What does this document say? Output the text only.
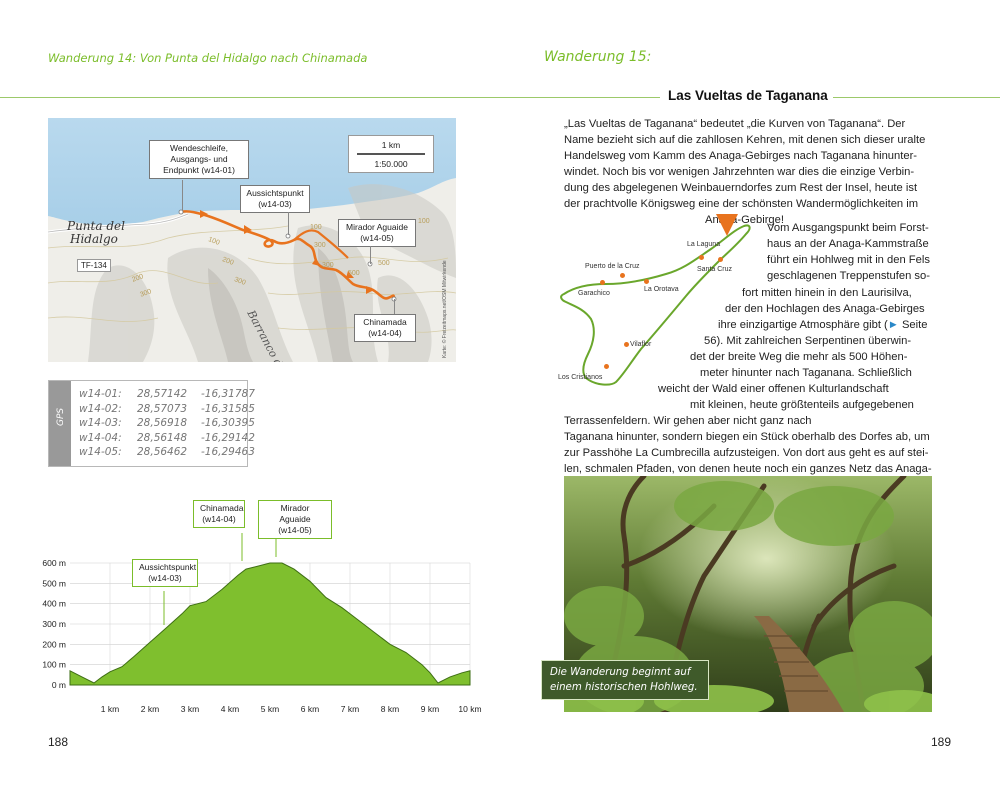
Wanderung 14: Von Punta del Hidalgo nach Chinamada
1 km
1:50.000
Punta del
Hidalgo
TF-134
Barranco	Karte: © Freizeitmaps.net/OSM Mitwirkende
100
200
300
200
300
100
300
300
500
500
100
Wendeschleife,
Ausgangs- und
Endpunkt (w14-01)
Aussichtspunkt
(w14-03)
Mirador Aguaide
(w14-05)
Chinamada
(w14-04)
GPS
w14-01:	28,57142	-16,31787
w14-02:	28,57073	-16,31585
w14-03:	28,56918	-16,30395
w14-04:	28,56148	-16,29142
w14-05:	28,56462	-16,29463
0 m
100 m
200 m
300 m
400 m
500 m
600 m
1 km	2 km	3 km	4 km	5 km	6 km	7 km	8 km	9 km 10 km
Chinamada
(w14-04)
Mirador Aguaide
(w14-05)
Aussichtspunkt
(w14-03)
188
Wanderung 15:
Las Vueltas de Taganana
„Las Vueltas de Taganana“ bedeutet „die Kurven von Taganana“. Der
Name bezieht sich auf die zahllosen Kehren, mit denen sich dieser uralte
Handelsweg vom Kamm des Anaga-Gebirges nach Taganana hinunter-
windet. Noch bis vor wenigen Jahrzehnten war dies die einzige Verbin-
dung des abgelegenen Weinbauerndorfes zum Rest der Insel, heute ist
der prachtvolle Königsweg eine der schönsten Wandermöglichkeiten im
Anaga-Gebirge!
Vom Ausgangspunkt beim Forst-
haus an der Anaga-Kammstraße
führt ein Hohlweg mit in den Fels
geschlagenen Treppenstufen so-
fort mitten hinein in den Laurisilva,
der den Hochlagen des Anaga-Gebirges
ihre einzigartige Atmosphäre gibt (► Seite
56). Mit zahlreichen Serpentinen überwin-
det der breite Weg die mehr als 500 Höhen-
meter hinunter nach Taganana. Schließlich
weicht der Wald einer offenen Kulturlandschaft
mit kleinen, heute größtenteils aufgegebenen
Terrassenfeldern. Wir gehen aber nicht ganz nach
Taganana hinunter, sondern biegen ein Stück oberhalb des Dorfes ab, um
zur Passhöhe La Cumbrecilla aufzusteigen. Von dort aus geht es auf stei-
len, schmalen Pfaden, von denen heute noch ein ganzes Netz das Anaga-
La Laguna
Santa Cruz
Puerto de la Cruz
La Orotava
Garachico
Vilaflor
Los Cristianos
Die Wanderung beginnt auf
einem historischen Hohlweg.
189
